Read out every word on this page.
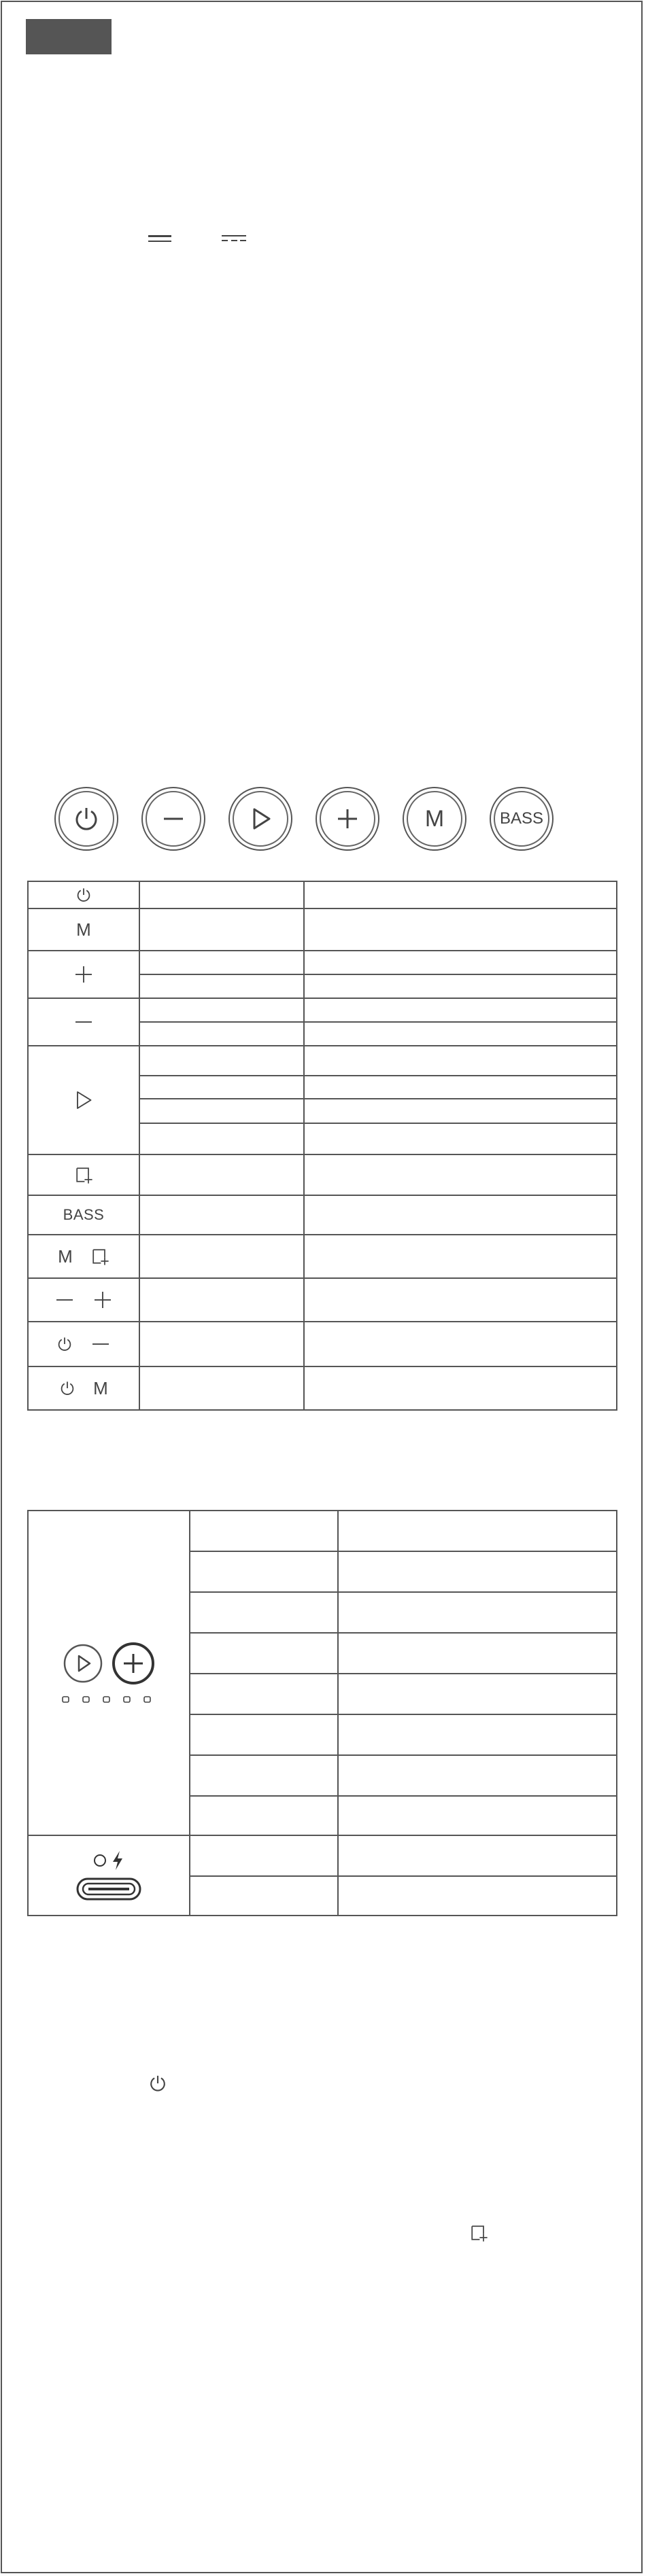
M	BASS
M
BASS
M
M
